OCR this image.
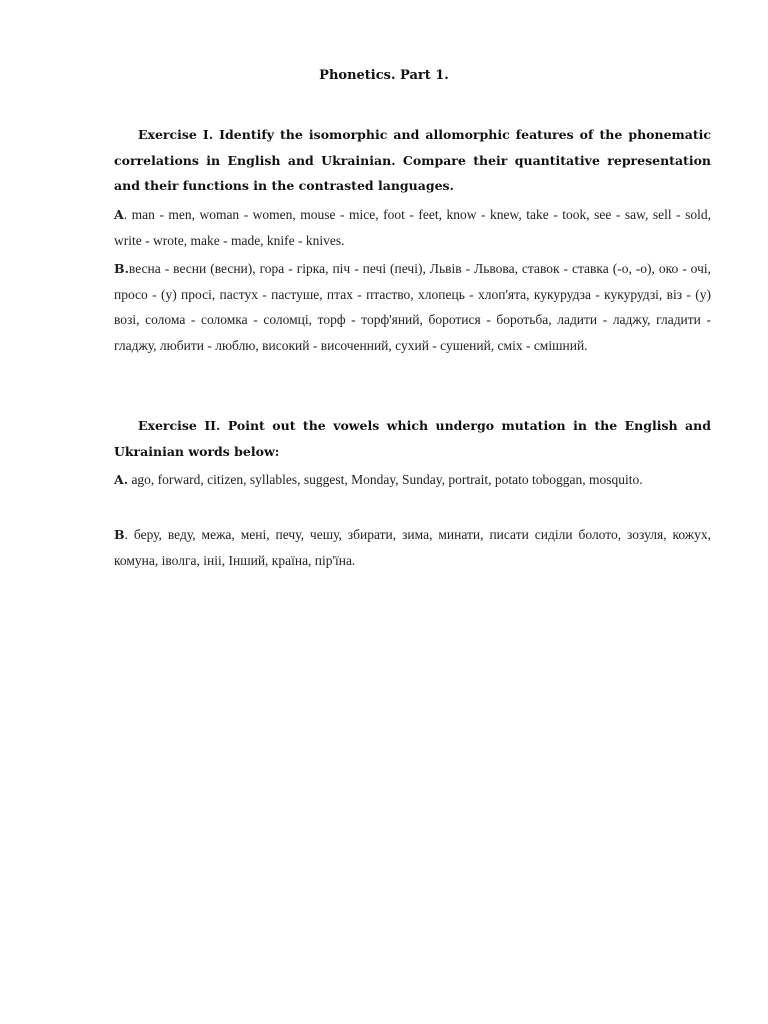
Phonetics. Part 1.

Exercise I. Identify the isomorphic and allomorphic features of the phonematic correlations in English and Ukrainian. Compare their quantitative representation and their functions in the contrasted languages.

A. man - men, woman - women, mouse - mice, foot - feet, know - knew, take - took, see - saw, sell - sold, write - wrote, make - made, knife - knives.

B.весна - весни (весни), гора - гірка, піч - печі (печі), Львів - Львова, ставок - ставка (-о, -о), око - очі, просо - (у) просі, пастух - пастуше, птах - птаство, хлопець - хлоп'ята, кукурудза - кукурудзі, віз - (у) возі, солома - соломка - соломці, торф - торф'яний, боротися - боротьба, ладити - ладжу, гладити - гладжу, любити - люблю, високий - височенний, сухий - сушений, сміх - смішний.

Exercise II. Point out the vowels which undergo mutation in the English and Ukrainian words below:

A. ago, forward, citizen, syllables, suggest, Monday, Sunday, portrait, potato toboggan, mosquito.

B. беру, веду, межа, мені, печу, чешу, збирати, зима, минати, писати сиділи болото, зозуля, кожух, комуна, іволга, ініі, Інший, країна, пір'їна.
